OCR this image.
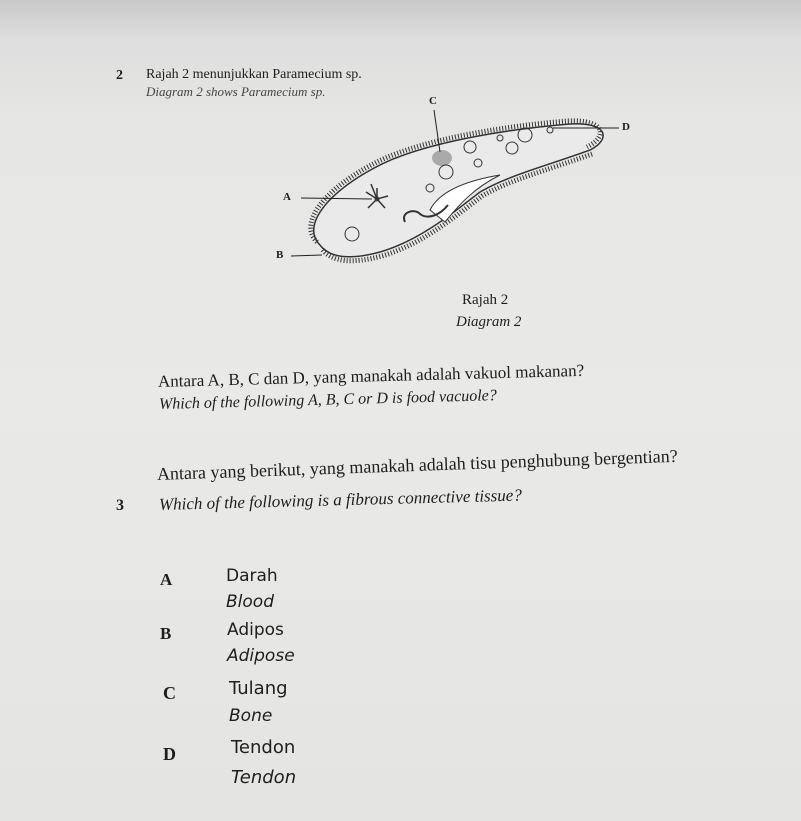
2 Rajah 2 menunjukkan Paramecium sp.
Diagram 2 shows Paramecium sp.
C
D
A
B
Rajah 2
Diagram 2
Antara A, B, C dan D, yang manakah adalah vakuol makanan?
Which of the following A, B, C or D is food vacuole?
3
Antara yang berikut, yang manakah adalah tisu penghubung bergentian?
Which of the following is a fibrous connective tissue?
A	Darah
Blood
B	Adipos
Adipose
C	Tulang
Bone
D	Tendon
Tendon
